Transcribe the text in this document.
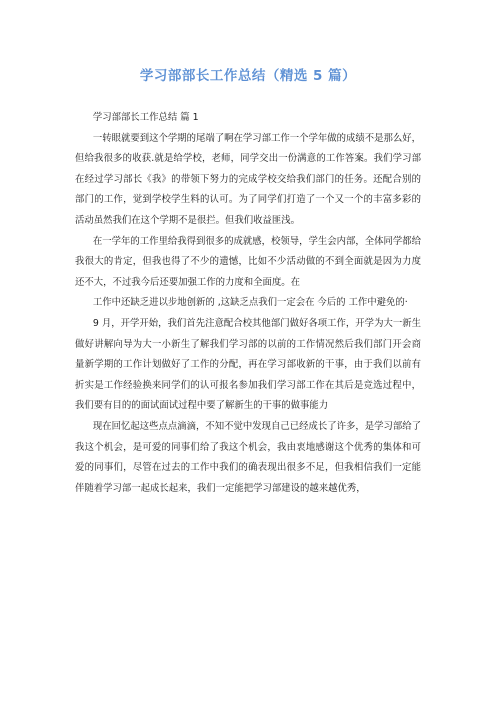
学习部部长工作总结（精选 5 篇）

学习部部长工作总结 篇 1

一转眼就要到这个学期的尾端了啊在学习部工作一个学年做的成绩不是那么好，但给我很多的收获.就是给学校，老师，同学交出一份满意的工作答案。我们学习部在经过学习部长《我》的带领下努力的完成学校交给我们部门的任务。还配合别的部门的工作，觉到学校学生料的认可。为了同学们打造了一个又一个的丰富多彩的活动虽然我们在这个学期不是很拦。但我们收益匪浅。

在一学年的工作里给我得到很多的成就感，校领导，学生会内部，全体同学都给我很大的肯定，但我也得了不少的遗憾，比如不少活动做的不到全面就是因为力度还不大，不过我今后还要加强工作的力度和全面度。在

工作中还缺乏进以步地创新的 ,这缺乏点我们一定会在 今后的 工作中避免的·

9 月，开学开始，我们首先注意配合校其他部门做好各项工作，开学为大一新生做好讲解向导为大一小新生了解我们学习部的以前的工作情况然后我们部门开会商量新学期的工作计划做好了工作的分配，再在学习部收新的干事，由于我们以前有折实是工作经验换来同学们的认可报名参加我们学习部工作在其后是竞选过程中，我们要有目的的面试面试过程中要了解新生的干事的做事能力

现在回忆起这些点点滴滴，不知不觉中发现自己已经成长了许多，是学习部给了我这个机会，是可爱的同事们给了我这个机会，我由衷地感谢这个优秀的集体和可爱的同事们，尽管在过去的工作中我们的确表现出很多不足，但我相信我们一定能伴随着学习部一起成长起来，我们一定能把学习部建设的越来越优秀，
